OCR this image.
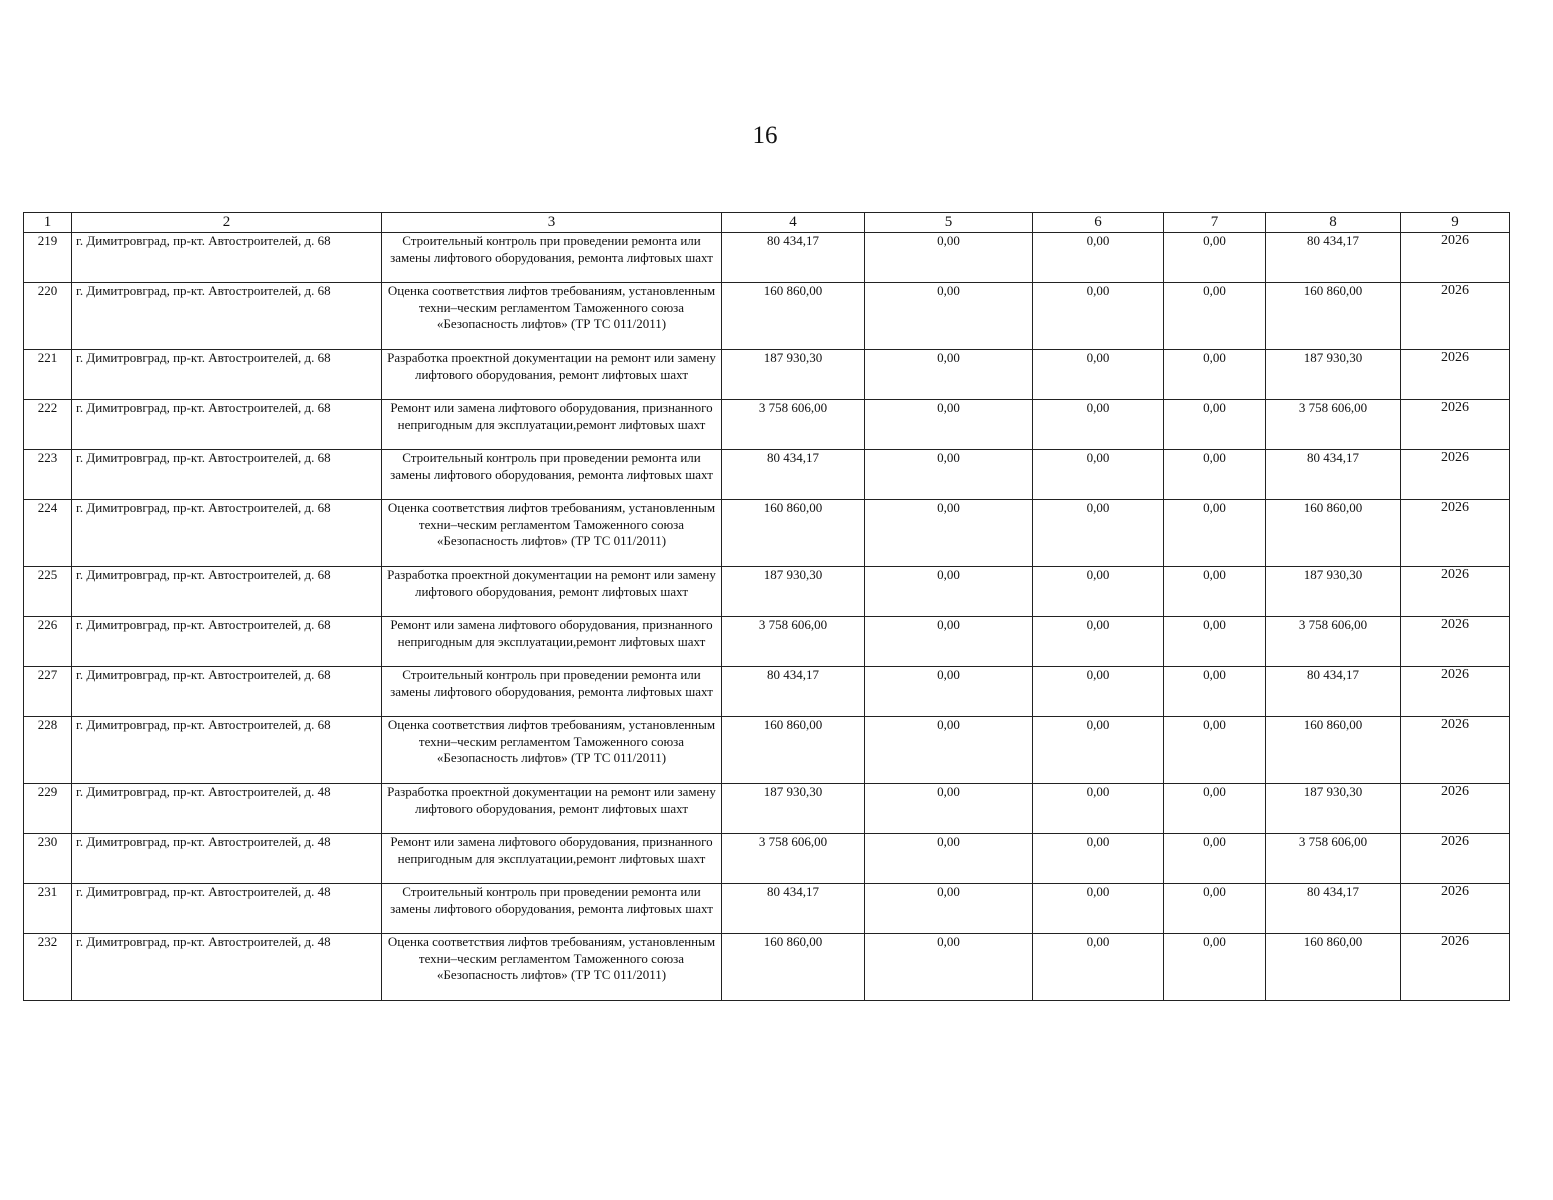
16
1	2	3	4	5	6	7	8	9
219	г. Димитровград, пр-кт. Автостроителей, д. 68	Строительный контроль при проведении ремонта или замены лифтового оборудования, ремонта лифтовых шахт	80 434,17	0,00	0,00	0,00	80 434,17	2026
220	г. Димитровград, пр-кт. Автостроителей, д. 68	Оценка соответствия лифтов требованиям, установленным техни–ческим регламентом Таможенного союза «Безопасность лифтов» (ТР ТС 011/2011)	160 860,00	0,00	0,00	0,00	160 860,00	2026
221	г. Димитровград, пр-кт. Автостроителей, д. 68	Разработка проектной документации на ремонт или замену лифтового оборудования, ремонт лифтовых шахт	187 930,30	0,00	0,00	0,00	187 930,30	2026
222	г. Димитровград, пр-кт. Автостроителей, д. 68	Ремонт или замена лифтового оборудования, признанного непригодным для эксплуатации,ремонт лифтовых шахт	3 758 606,00	0,00	0,00	0,00	3 758 606,00	2026
223	г. Димитровград, пр-кт. Автостроителей, д. 68	Строительный контроль при проведении ремонта или замены лифтового оборудования, ремонта лифтовых шахт	80 434,17	0,00	0,00	0,00	80 434,17	2026
224	г. Димитровград, пр-кт. Автостроителей, д. 68	Оценка соответствия лифтов требованиям, установленным техни–ческим регламентом Таможенного союза «Безопасность лифтов» (ТР ТС 011/2011)	160 860,00	0,00	0,00	0,00	160 860,00	2026
225	г. Димитровград, пр-кт. Автостроителей, д. 68	Разработка проектной документации на ремонт или замену лифтового оборудования, ремонт лифтовых шахт	187 930,30	0,00	0,00	0,00	187 930,30	2026
226	г. Димитровград, пр-кт. Автостроителей, д. 68	Ремонт или замена лифтового оборудования, признанного непригодным для эксплуатации,ремонт лифтовых шахт	3 758 606,00	0,00	0,00	0,00	3 758 606,00	2026
227	г. Димитровград, пр-кт. Автостроителей, д. 68	Строительный контроль при проведении ремонта или замены лифтового оборудования, ремонта лифтовых шахт	80 434,17	0,00	0,00	0,00	80 434,17	2026
228	г. Димитровград, пр-кт. Автостроителей, д. 68	Оценка соответствия лифтов требованиям, установленным техни–ческим регламентом Таможенного союза «Безопасность лифтов» (ТР ТС 011/2011)	160 860,00	0,00	0,00	0,00	160 860,00	2026
229	г. Димитровград, пр-кт. Автостроителей, д. 48	Разработка проектной документации на ремонт или замену лифтового оборудования, ремонт лифтовых шахт	187 930,30	0,00	0,00	0,00	187 930,30	2026
230	г. Димитровград, пр-кт. Автостроителей, д. 48	Ремонт или замена лифтового оборудования, признанного непригодным для эксплуатации,ремонт лифтовых шахт	3 758 606,00	0,00	0,00	0,00	3 758 606,00	2026
231	г. Димитровград, пр-кт. Автостроителей, д. 48	Строительный контроль при проведении ремонта или замены лифтового оборудования, ремонта лифтовых шахт	80 434,17	0,00	0,00	0,00	80 434,17	2026
232	г. Димитровград, пр-кт. Автостроителей, д. 48	Оценка соответствия лифтов требованиям, установленным техни–ческим регламентом Таможенного союза «Безопасность лифтов» (ТР ТС 011/2011)	160 860,00	0,00	0,00	0,00	160 860,00	2026
